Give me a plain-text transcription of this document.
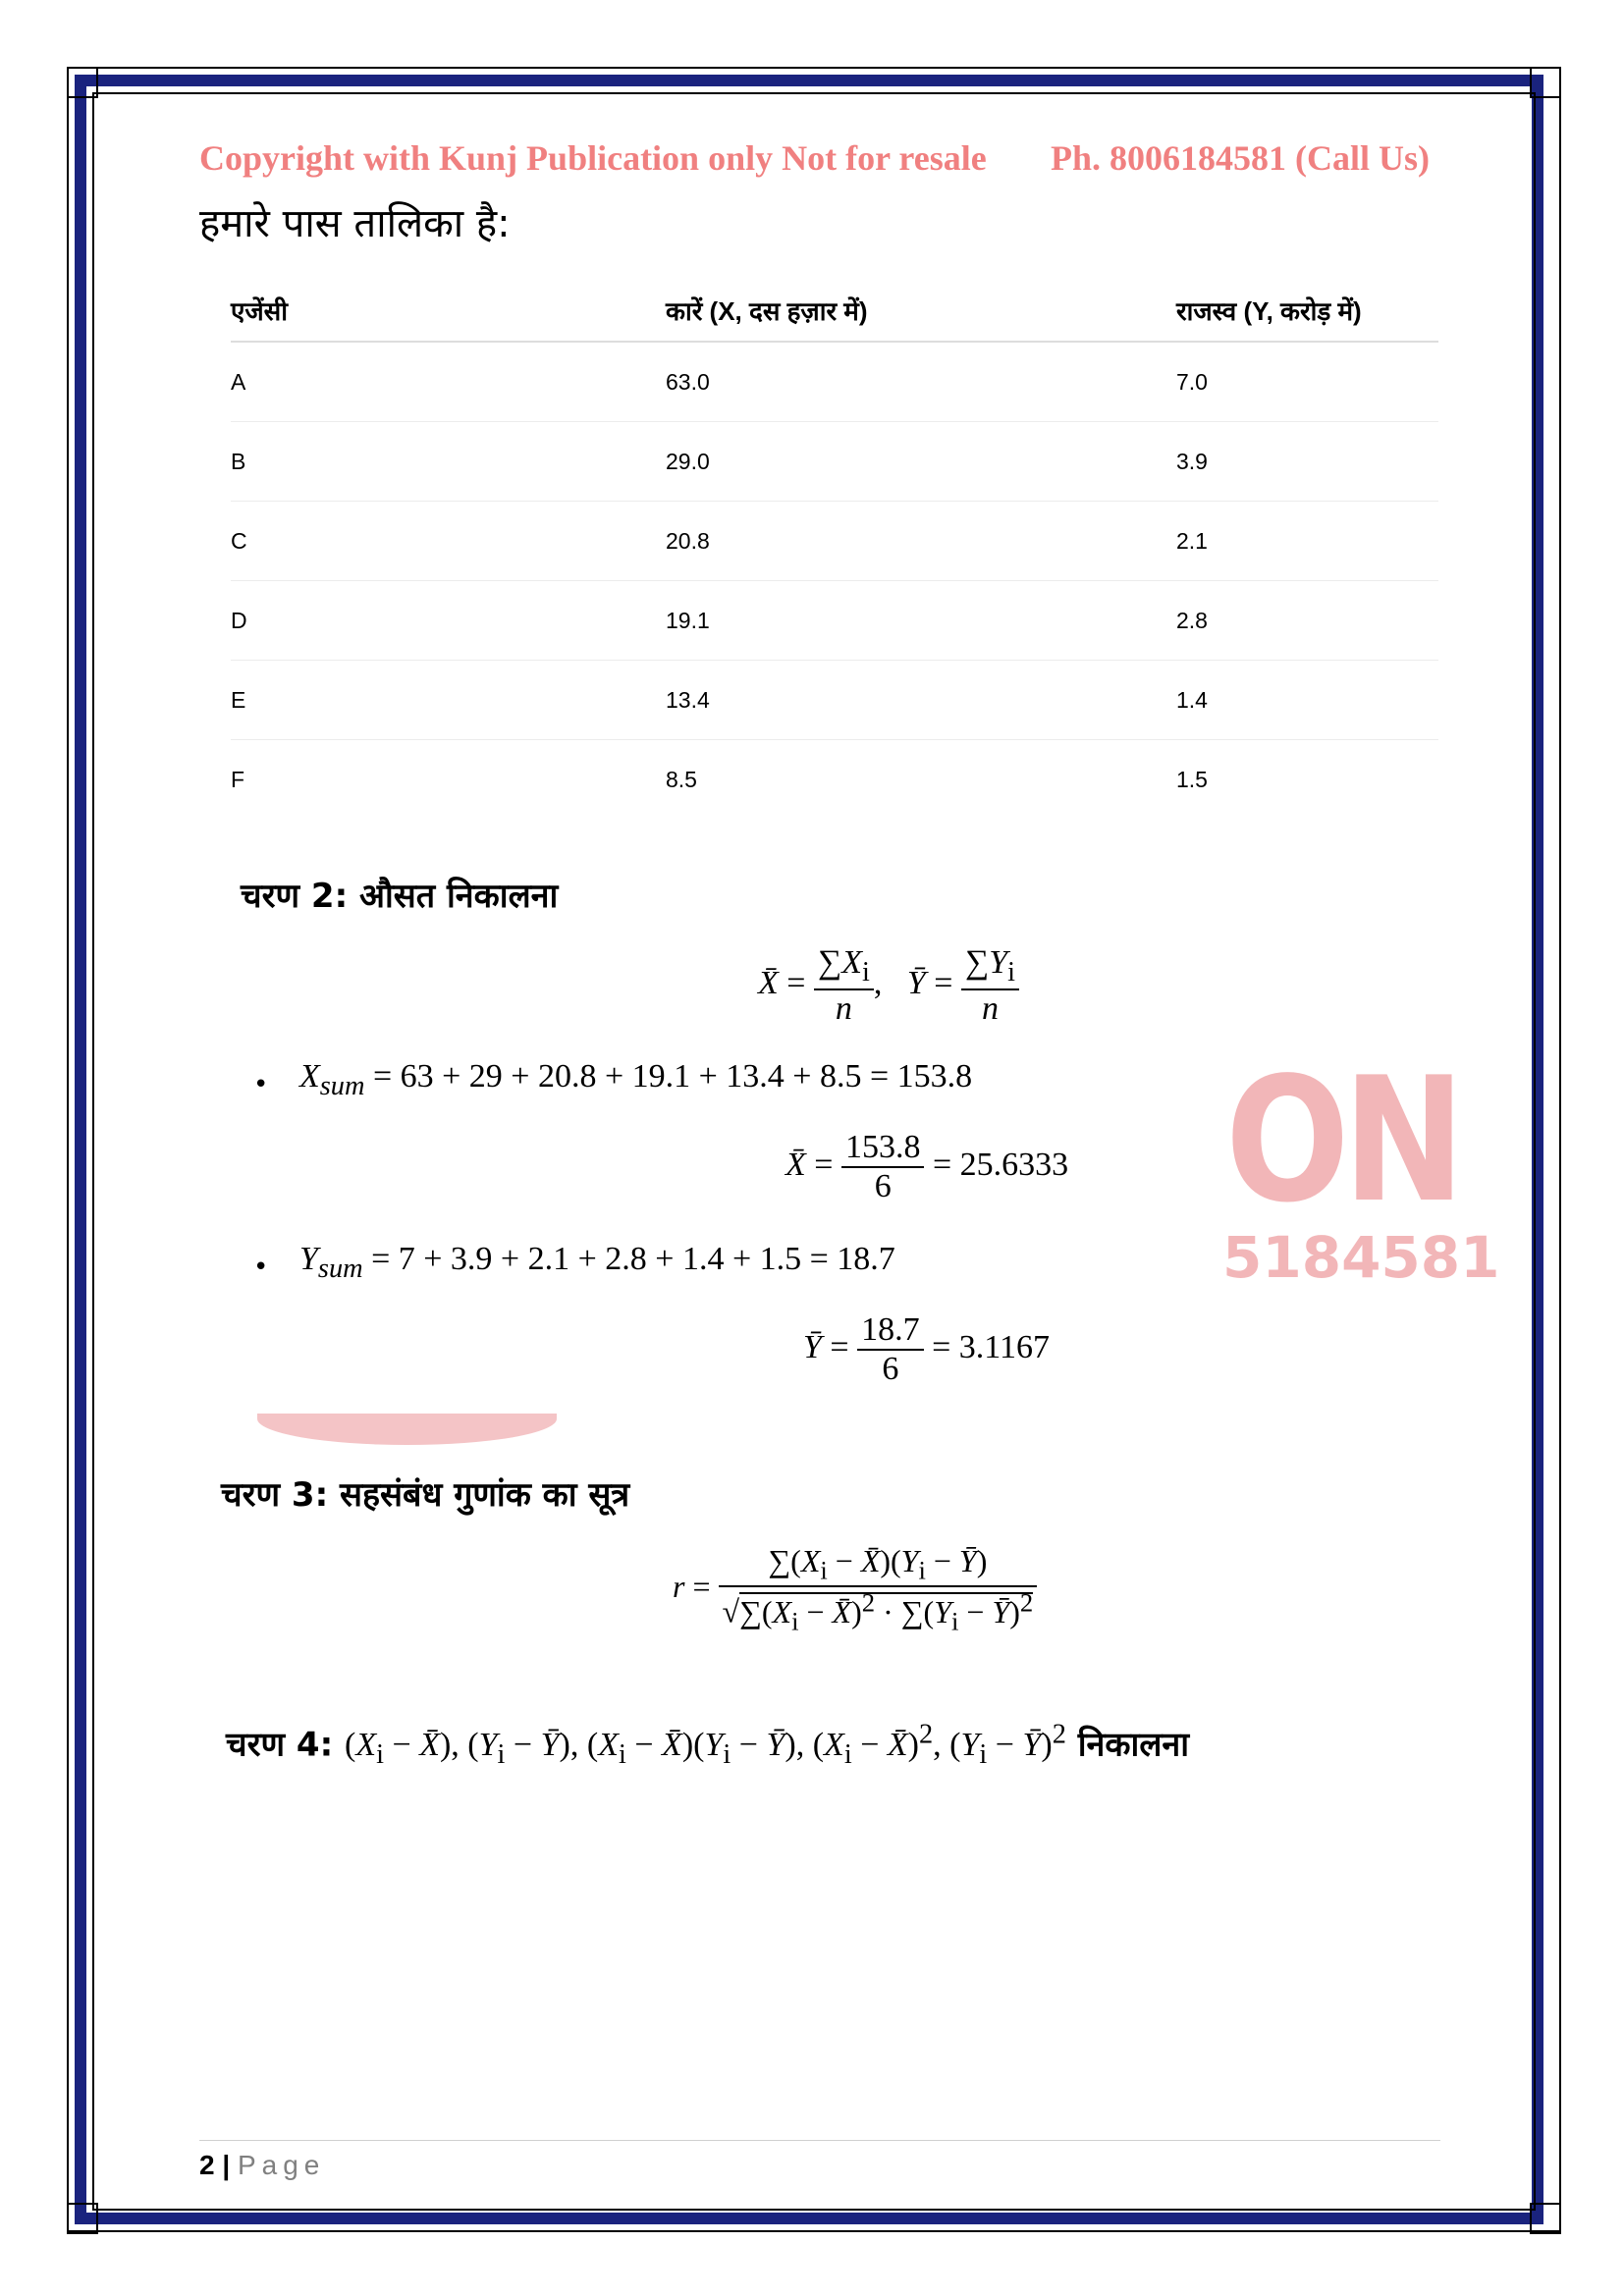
ON
5184581
Copyright with Kunj Publication only Not for resale Ph. 8006184581 (Call Us)
हमारे पास तालिका है:
एजेंसी	कारें (X, दस हज़ार में)	राजस्व (Y, करोड़ में)
A	63.0	7.0
B	29.0	3.9
C	20.8	2.1
D	19.1	2.8
E	13.4	1.4
F	8.5	1.5
चरण 2: औसत निकालना
X̄ = $\frac{\sum X_i}{n}$ ,   Ȳ = $\frac{\sum Y_i}{n}$
• $X_{sum} = 63 + 29 + 20.8 + 19.1 + 13.4 + 8.5 = 153.8$
X̄ = $\frac{153.8}{6} = 25.6333$
• $Y_{sum} = 7 + 3.9 + 2.1 + 2.8 + 1.4 + 1.5 = 18.7$
Ȳ = $\frac{18.7}{6} = 3.1167$
चरण 3: सहसंबंध गुणांक का सूत्र
$r = \frac{\sum(X_i - X̄)(Y_i - Ȳ)}{√\sum(X_i - X̄)^2 \cdot \sum(Y_i - Ȳ)^2}$
चरण 4: ($X_i$ − X̄), ($Y_i$ − Ȳ), ($X_i$ − $X̄)(Y_i$ − Ȳ), ($X_i$ − X̄)$^2$, ($Y_i$ − Ȳ)$^2$ निकालना
2 | Page
